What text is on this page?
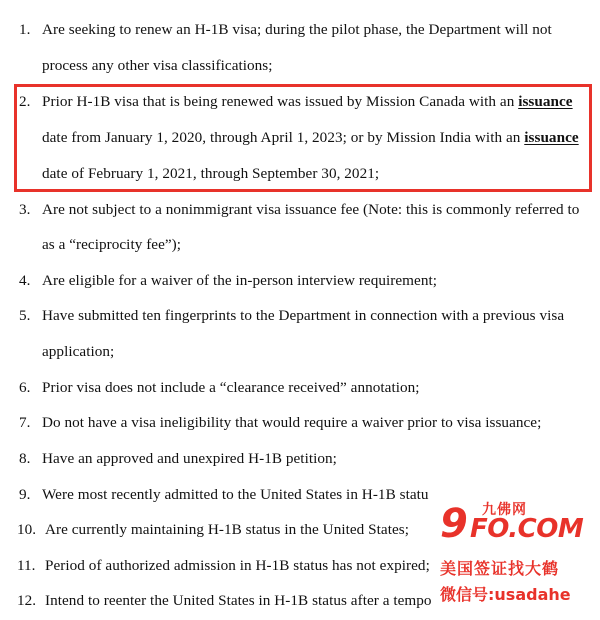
1. Are seeking to renew an H-1B visa; during the pilot phase, the Department will not
process any other visa classifications;
2. Prior H-1B visa that is being renewed was issued by Mission Canada with an issuance
date from January 1, 2020, through April 1, 2023; or by Mission India with an issuance
date of February 1, 2021, through September 30, 2021;
3. Are not subject to a nonimmigrant visa issuance fee (Note: this is commonly referred to
as a “reciprocity fee”);
4. Are eligible for a waiver of the in-person interview requirement;
5. Have submitted ten fingerprints to the Department in connection with a previous visa
application;
6. Prior visa does not include a “clearance received” annotation;
7. Do not have a visa ineligibility that would require a waiver prior to visa issuance;
8. Have an approved and unexpired H-1B petition;
9. Were most recently admitted to the United States in H-1B statu
10. Are currently maintaining H-1B status in the United States;
11. Period of authorized admission in H-1B status has not expired;
12. Intend to reenter the United States in H-1B status after a tempo
九佛网
9 FO.COM
美国签证找大鹤
微信号:usadahe
